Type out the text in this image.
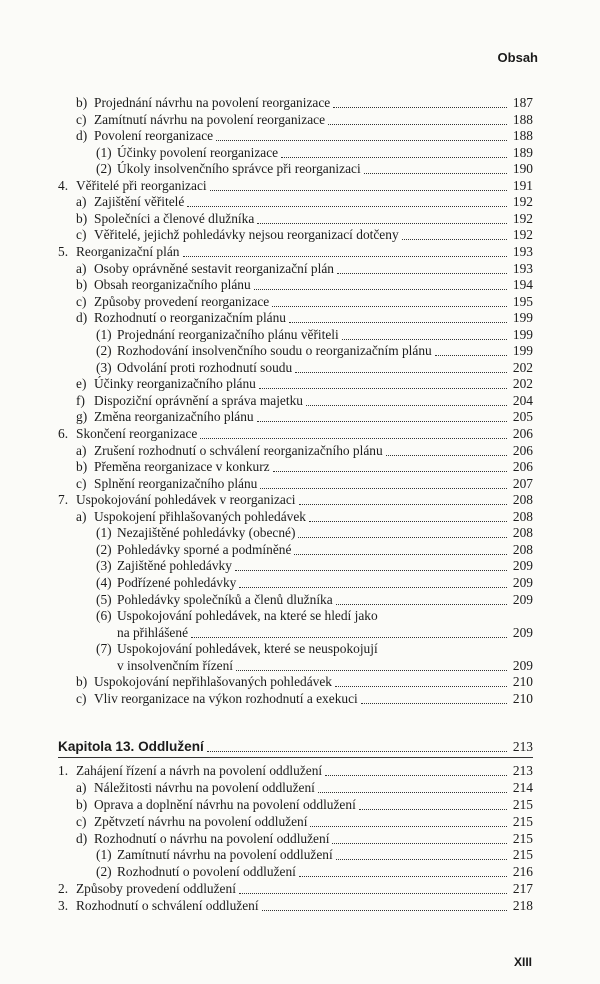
Obsah
b) Projednání návrhu na povolení reorganizace	187
c) Zamítnutí návrhu na povolení reorganizace	188
d) Povolení reorganizace	188
(1) Účinky povolení reorganizace	189
(2) Úkoly insolvenčního správce při reorganizaci	190
4. Věřitelé při reorganizaci	191
a) Zajištění věřitelé	192
b) Společníci a členové dlužníka	192
c) Věřitelé, jejichž pohledávky nejsou reorganizací dotčeny	192
5. Reorganizační plán	193
a) Osoby oprávněné sestavit reorganizační plán	193
b) Obsah reorganizačního plánu	194
c) Způsoby provedení reorganizace	195
d) Rozhodnutí o reorganizačním plánu	199
(1) Projednání reorganizačního plánu věřiteli	199
(2) Rozhodování insolvenčního soudu o reorganizačním plánu	199
(3) Odvolání proti rozhodnutí soudu	202
e) Účinky reorganizačního plánu	202
f) Dispoziční oprávnění a správa majetku	204
g) Změna reorganizačního plánu	205
6. Skončení reorganizace	206
a) Zrušení rozhodnutí o schválení reorganizačního plánu	206
b) Přeměna reorganizace v konkurz	206
c) Splnění reorganizačního plánu	207
7. Uspokojování pohledávek v reorganizaci	208
a) Uspokojení přihlašovaných pohledávek	208
(1) Nezajištěné pohledávky (obecné)	208
(2) Pohledávky sporné a podmíněné	208
(3) Zajištěné pohledávky	209
(4) Podřízené pohledávky	209
(5) Pohledávky společníků a členů dlužníka	209
(6) Uspokojování pohledávek, na které se hledí jako
na přihlášené	209
(7) Uspokojování pohledávek, které se neuspokojují
v insolvenčním řízení	209
b) Uspokojování nepřihlašovaných pohledávek	210
c) Vliv reorganizace na výkon rozhodnutí a exekuci	210
Kapitola 13. Oddlužení	213
1. Zahájení řízení a návrh na povolení oddlužení	213
a) Náležitosti návrhu na povolení oddlužení	214
b) Oprava a doplnění návrhu na povolení oddlužení	215
c) Zpětvzetí návrhu na povolení oddlužení	215
d) Rozhodnutí o návrhu na povolení oddlužení	215
(1) Zamítnutí návrhu na povolení oddlužení	215
(2) Rozhodnutí o povolení oddlužení	216
2. Způsoby provedení oddlužení	217
3. Rozhodnutí o schválení oddlužení	218
XIII
